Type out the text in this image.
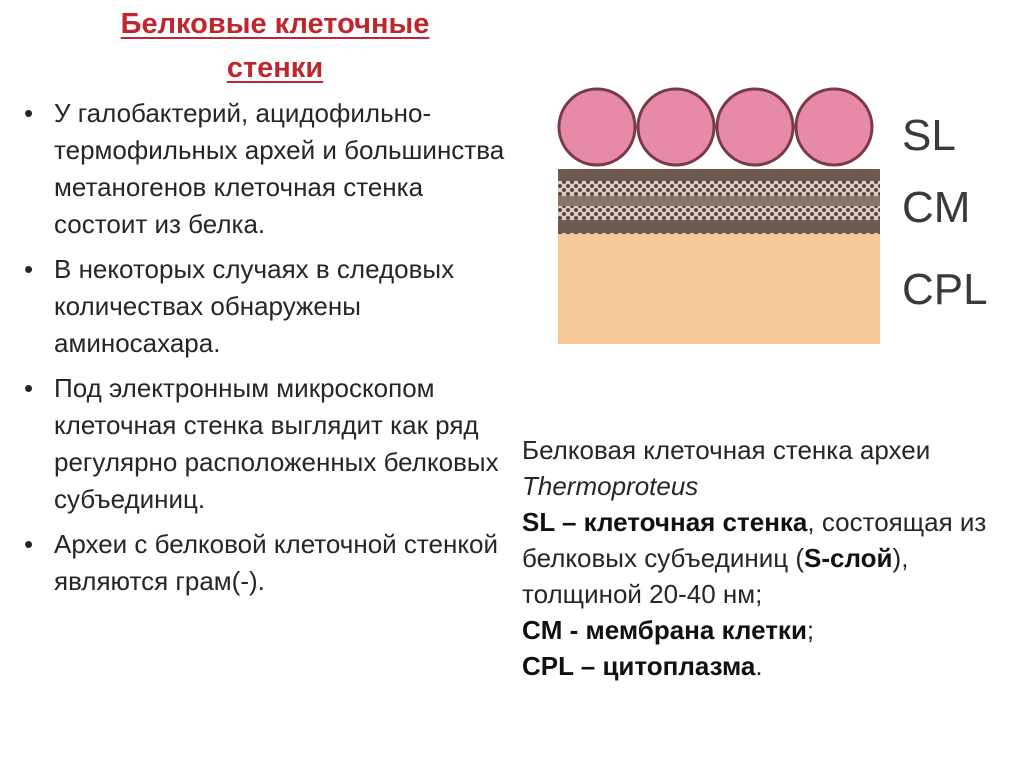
Белковые клеточные
стенки
• У галобактерий, ацидофильно-термофильных архей и большинства метаногенов клеточная стенка состоит из белка.
• В некоторых случаях в следовых количествах обнаружены аминосахара.
• Под электронным микроскопом клеточная стенка выглядит как ряд регулярно расположенных белковых субъединиц.
• Археи с белковой клеточной стенкой являются грам(-).
SL
CM
CPL
Белковая клеточная стенка археи Thermoproteus
SL – клеточная стенка, состоящая из белковых субъединиц (S-слой), толщиной 20-40 нм;
CM - мембрана клетки;
CPL – цитоплазма.
